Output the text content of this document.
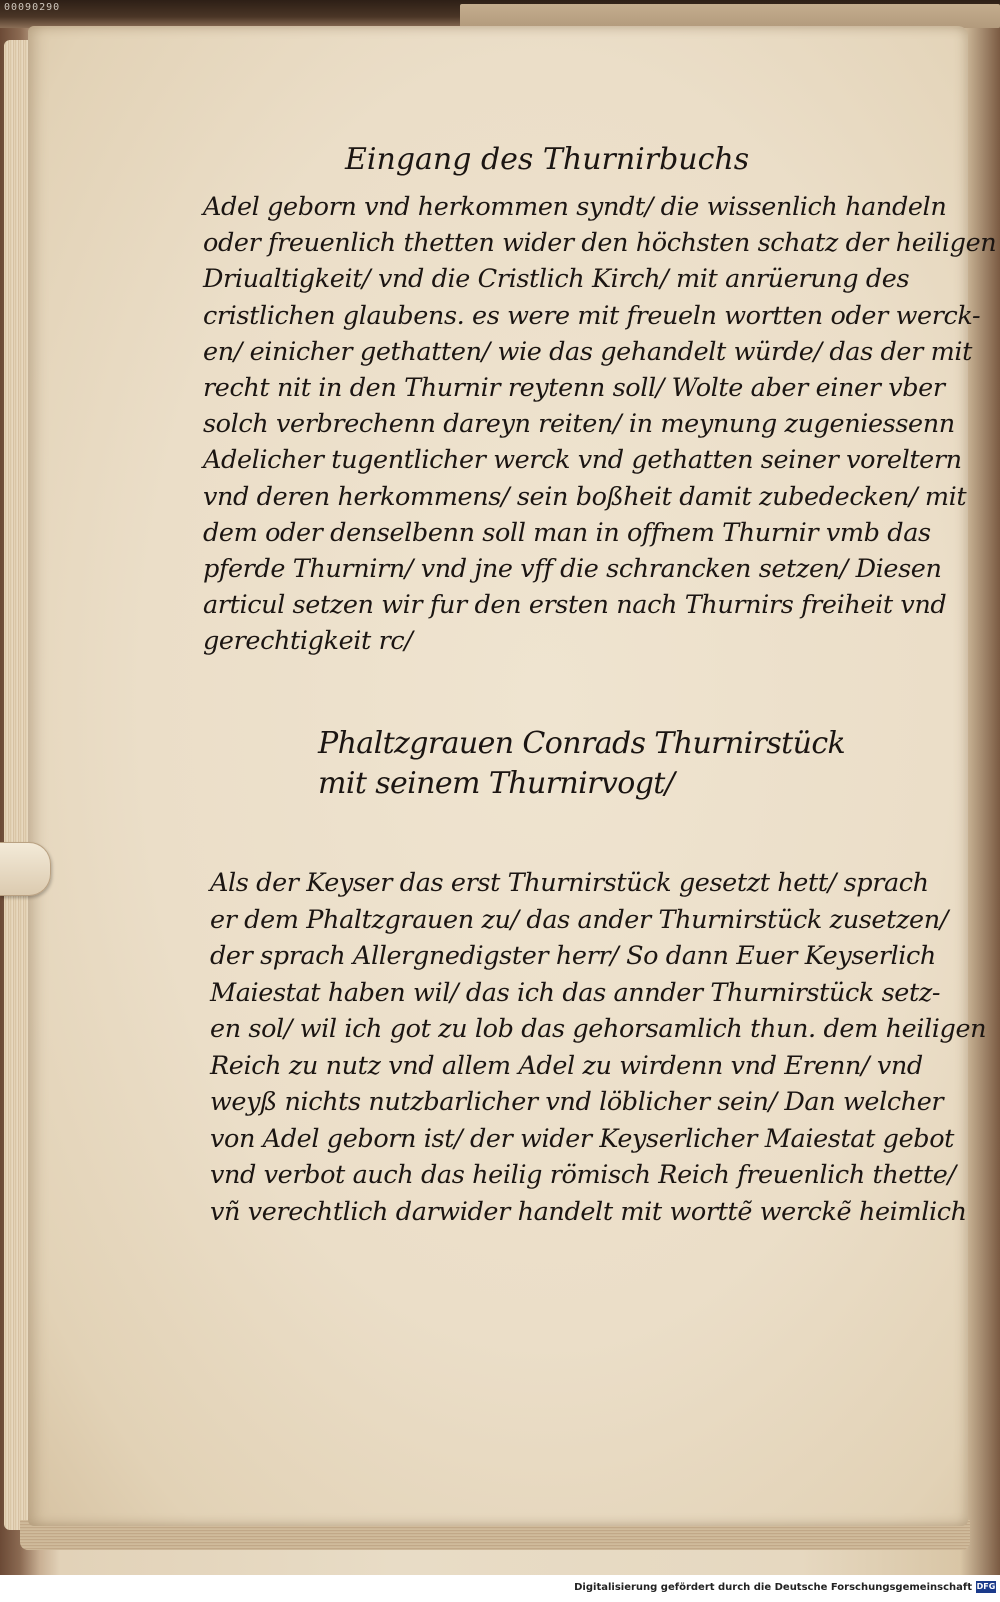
00090290
Eingang des Thurnirbuchs
Adel geborn vnd herkommen syndt/ die wissenlich handeln
oder freuenlich thetten wider den höchsten schatz der heiligen
Driualtigkeit/ vnd die Cristlich Kirch/ mit anrüerung des
cristlichen glaubens. es were mit freueln wortten oder werck-
en/ einicher gethatten/ wie das gehandelt würde/ das der mit
recht nit in den Thurnir reytenn soll/ Wolte aber einer vber
solch verbrechenn dareyn reiten/ in meynung zugeniessenn
Adelicher tugentlicher werck vnd gethatten seiner voreltern
vnd deren herkommens/ sein boßheit damit zubedecken/ mit
dem oder denselbenn soll man in offnem Thurnir vmb das
pferde Thurnirn/ vnd jne vff die schrancken setzen/ Diesen
articul setzen wir fur den ersten nach Thurnirs freiheit vnd
gerechtigkeit rc/
Phaltzgrauen Conrads Thurnirstück
mit seinem Thurnirvogt/
Als der Keyser das erst Thurnirstück gesetzt hett/ sprach
er dem Phaltzgrauen zu/ das ander Thurnirstück zusetzen/
der sprach Allergnedigster herr/ So dann Euer Keyserlich
Maiestat haben wil/ das ich das annder Thurnirstück setz-
en sol/ wil ich got zu lob das gehorsamlich thun. dem heiligen
Reich zu nutz vnd allem Adel zu wirdenn vnd Erenn/ vnd
weyß nichts nutzbarlicher vnd löblicher sein/ Dan welcher
von Adel geborn ist/ der wider Keyserlicher Maiestat gebot
vnd verbot auch das heilig römisch Reich freuenlich thette/
vñ verechtlich darwider handelt mit worttẽ werckẽ heimlich
Digitalisierung gefördert durch die Deutsche Forschungsgemeinschaft DFG
